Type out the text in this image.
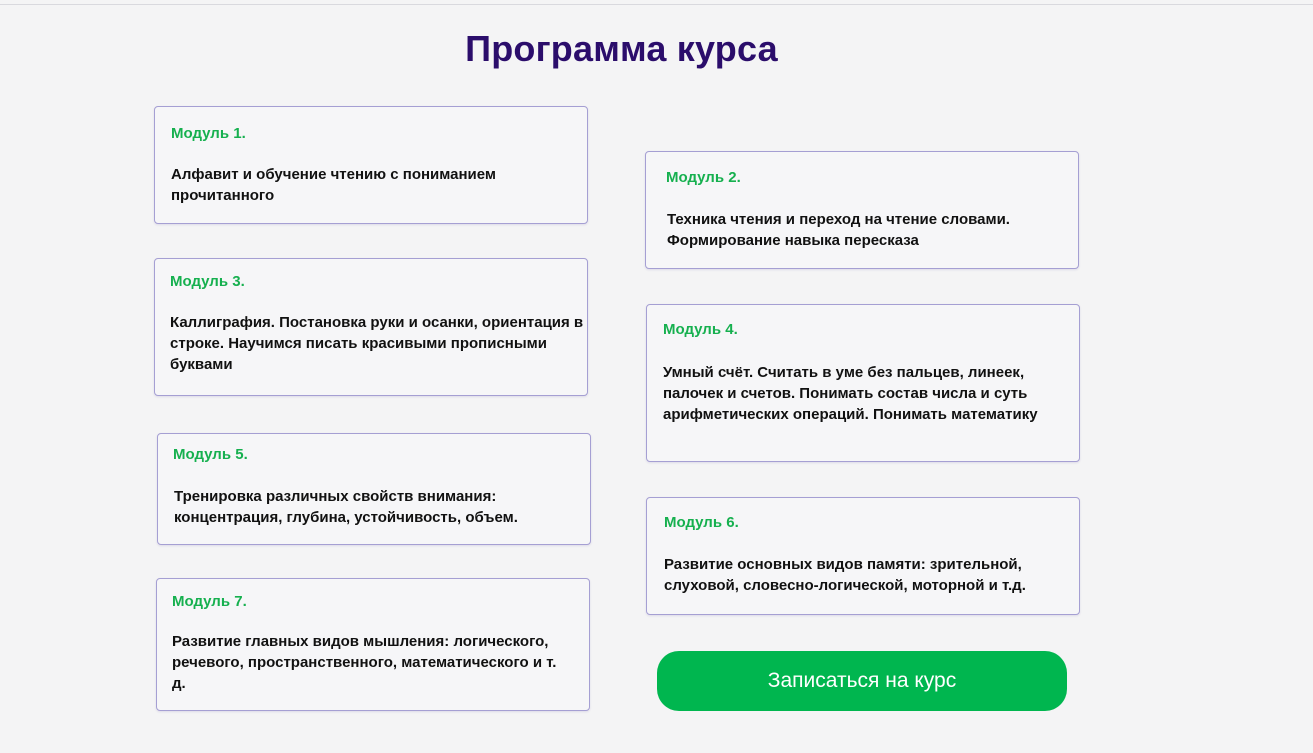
Программа курса
Модуль 1.
Алфавит и обучение чтению с пониманием прочитанного
Модуль 2.
Техника чтения и переход на чтение словами. Формирование навыка пересказа
Модуль 3.
Каллиграфия. Постановка руки и осанки, ориентация в строке. Научимся писать красивыми прописными буквами
Модуль 4.
Умный счёт. Считать в уме без пальцев, линеек, палочек и счетов. Понимать состав числа и суть арифметических операций. Понимать математику
Модуль 5.
Тренировка различных свойств внимания: концентрация, глубина, устойчивость, объем.	Модуль 6.
Развитие основных видов памяти: зрительной, слуховой, словесно-логической, моторной и т.д.
Модуль 7.
Развитие главных видов мышления: логического, речевого, пространственного, математического и т. д.	Записаться на курс
